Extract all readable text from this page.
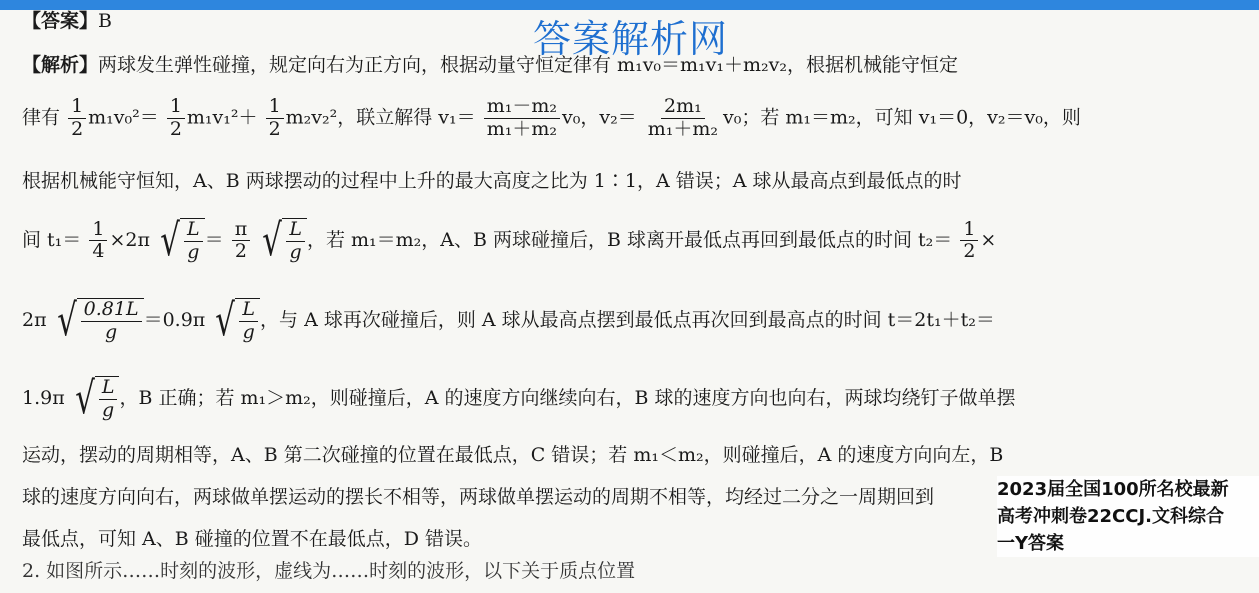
答案解析网
【答案】B
【解析】两球发生弹性碰撞，规定向右为正方向，根据动量守恒定律有 m₁v₀＝m₁v₁＋m₂v₂，根据机械能守恒定
律有 $\frac{1}{2} m_1v_0^2= \frac{1}{2} m_1v_1^2+ \frac{1}{2} m_2v_2^2$，联立解得 $v_1= \frac{\text{m₁－m₂}}{\text{m₁＋m₂}} v_0$，$v_2= \frac{\text{2m₁}}{\text{m₁＋m₂}} v_0$；若 m₁＝m₂，可知 v₁＝0，v₂＝v₀，则
根据机械能守恒知，A、B 两球摆动的过程中上升的最大高度之比为 1∶1，A 错误；A 球从最高点到最低点的时
间 $t_1= \frac{1}{4} \times 2\pi$ √ $\frac{L}{g} = \frac{\pi}{2}$
√ $\frac{L}{g}$ ，若 m₁＝m₂，A、B 两球碰撞后，B 球离开最低点再回到最低点的时间 $t_2= \frac{1}{2}$ ×
2π √ $\frac{0.81L}{g} =0.9\pi$ √ $\frac{L}{g}$ ，与 A 球再次碰撞后，则 A 球从最高点摆到最低点再次回到最高点的时间 t＝2t₁＋t₂＝
1.9π √ $\frac{L}{g}$ ，B 正确；若 m₁＞m₂，则碰撞后，A 的速度方向继续向右，B 球的速度方向也向右，两球均绕钉子做单摆
运动，摆动的周期相等，A、B 第二次碰撞的位置在最低点，C 错误；若 m₁＜m₂，则碰撞后，A 的速度方向向左，B
球的速度方向向右，两球做单摆运动的摆长不相等，两球做单摆运动的周期不相等，均经过二分之一周期回到
最低点，可知 A、B 碰撞的位置不在最低点，D 错误。
2023届全国100所名校最新
高考冲刺卷22CCJ.文科综合
一Y答案
2. 如图所示……时刻的波形，虚线为……时刻的波形，以下关于质点位置
